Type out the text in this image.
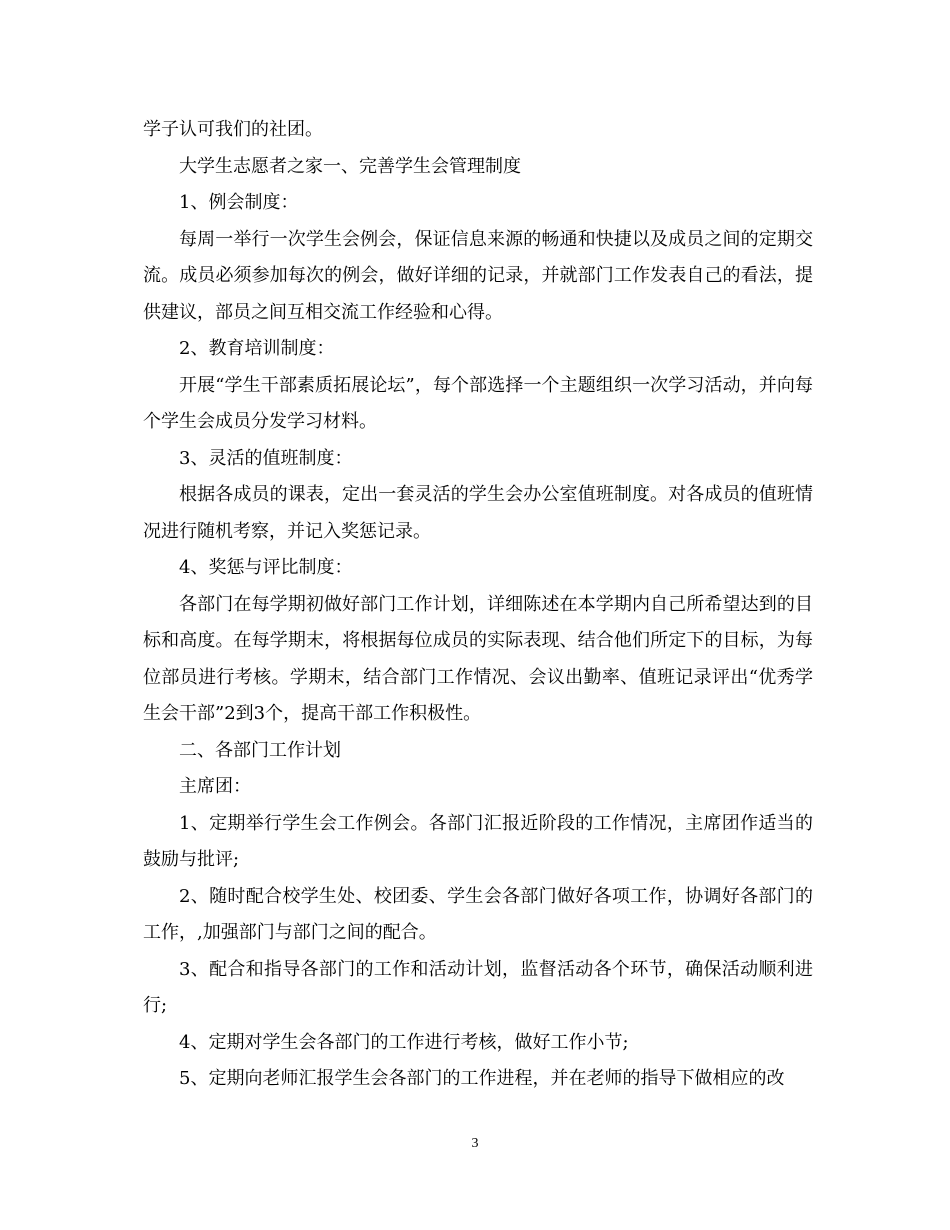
学子认可我们的社团。

大学生志愿者之家一、完善学生会管理制度

1、例会制度：

每周一举行一次学生会例会，保证信息来源的畅通和快捷以及成员之间的定期交流。成员必须参加每次的例会，做好详细的记录，并就部门工作发表自己的看法，提供建议，部员之间互相交流工作经验和心得。

2、教育培训制度：

开展“学生干部素质拓展论坛”，每个部选择一个主题组织一次学习活动，并向每个学生会成员分发学习材料。

3、灵活的值班制度：

根据各成员的课表，定出一套灵活的学生会办公室值班制度。对各成员的值班情况进行随机考察，并记入奖惩记录。

4、奖惩与评比制度：

各部门在每学期初做好部门工作计划，详细陈述在本学期内自己所希望达到的目标和高度。在每学期末，将根据每位成员的实际表现、结合他们所定下的目标，为每位部员进行考核。学期末，结合部门工作情况、会议出勤率、值班记录评出“优秀学生会干部”2到3个，提高干部工作积极性。

二、各部门工作计划

主席团：

1、定期举行学生会工作例会。各部门汇报近阶段的工作情况，主席团作适当的鼓励与批评;

2、随时配合校学生处、校团委、学生会各部门做好各项工作，协调好各部门的工作，,加强部门与部门之间的配合。

3、配合和指导各部门的工作和活动计划，监督活动各个环节，确保活动顺利进行;

4、定期对学生会各部门的工作进行考核，做好工作小节;

5、定期向老师汇报学生会各部门的工作进程，并在老师的指导下做相应的改

3
